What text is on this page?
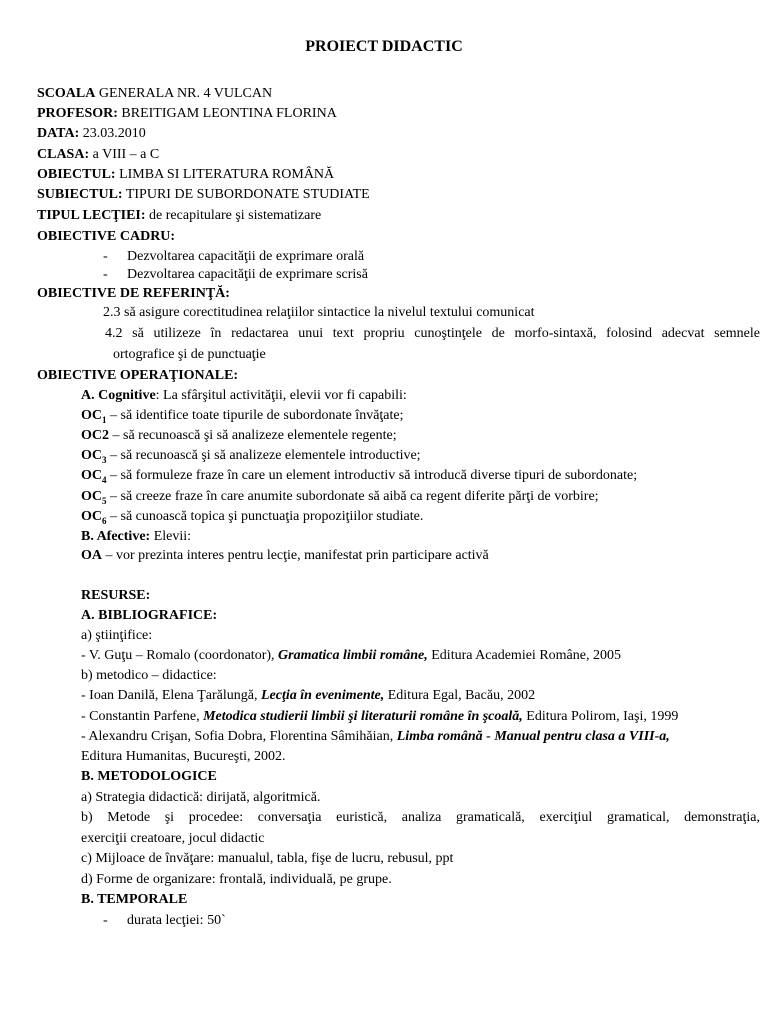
PROIECT DIDACTIC
SCOALA GENERALA NR. 4 VULCAN
PROFESOR: BREITIGAM LEONTINA FLORINA
DATA: 23.03.2010
CLASA: a VIII – a C
OBIECTUL: LIMBA SI LITERATURA ROMÂNĂ
SUBIECTUL: TIPURI DE SUBORDONATE STUDIATE
TIPUL LECŢIEI: de recapitulare şi sistematizare
OBIECTIVE CADRU:
- Dezvoltarea capacităţii de exprimare orală
- Dezvoltarea capacităţii de exprimare scrisă
OBIECTIVE DE REFERINŢĂ:
2.3 să asigure corectitudinea relaţiilor sintactice la nivelul textului comunicat
4.2 să utilizeze în redactarea unui text propriu cunoştinţele de morfo-sintaxă, folosind adecvat semnele
ortografice şi de punctuaţie
OBIECTIVE OPERAŢIONALE:
A. Cognitive: La sfârşitul activităţii, elevii vor fi capabili:
$OC_1$ – să identifice toate tipurile de subordonate învăţate;
OC2 – să recunoască şi să analizeze elementele regente;
$OC_3$ – să recunoască şi să analizeze elementele introductive;
$OC_4$ – să formuleze fraze în care un element introductiv să introducă diverse tipuri de subordonate;
$OC_5$ – să creeze fraze în care anumite subordonate să aibă ca regent diferite părţi de vorbire;
$OC_6$ – să cunoască topica şi punctuaţia propoziţiilor studiate.
B. Afective: Elevii:
OA – vor prezinta interes pentru lecţie, manifestat prin participare activă
RESURSE:
A. BIBLIOGRAFICE:
a) ştiinţifice:
- V. Guţu – Romalo (coordonator), Gramatica limbii române, Editura Academiei Române, 2005
b) metodico – didactice:
- Ioan Danilă, Elena Ţarălungă, Lecţia în evenimente, Editura Egal, Bacău, 2002
- Constantin Parfene, Metodica studierii limbii şi literaturii române în şcoală, Editura Polirom, Iaşi, 1999
- Alexandru Crişan, Sofia Dobra, Florentina Sâmihăian, Limba română - Manual pentru clasa a VIII-a,
Editura Humanitas, Bucureşti, 2002.
B. METODOLOGICE
a) Strategia didactică: dirijată, algoritmică.
b) Metode şi procedee: conversaţia euristică, analiza gramaticală, exerciţiul gramatical, demonstraţia,
exerciţii creatoare, jocul didactic
c) Mijloace de învăţare: manualul, tabla, fişe de lucru, rebusul, ppt
d) Forme de organizare: frontală, individuală, pe grupe.
B. TEMPORALE
- durata lecţiei: 50`
